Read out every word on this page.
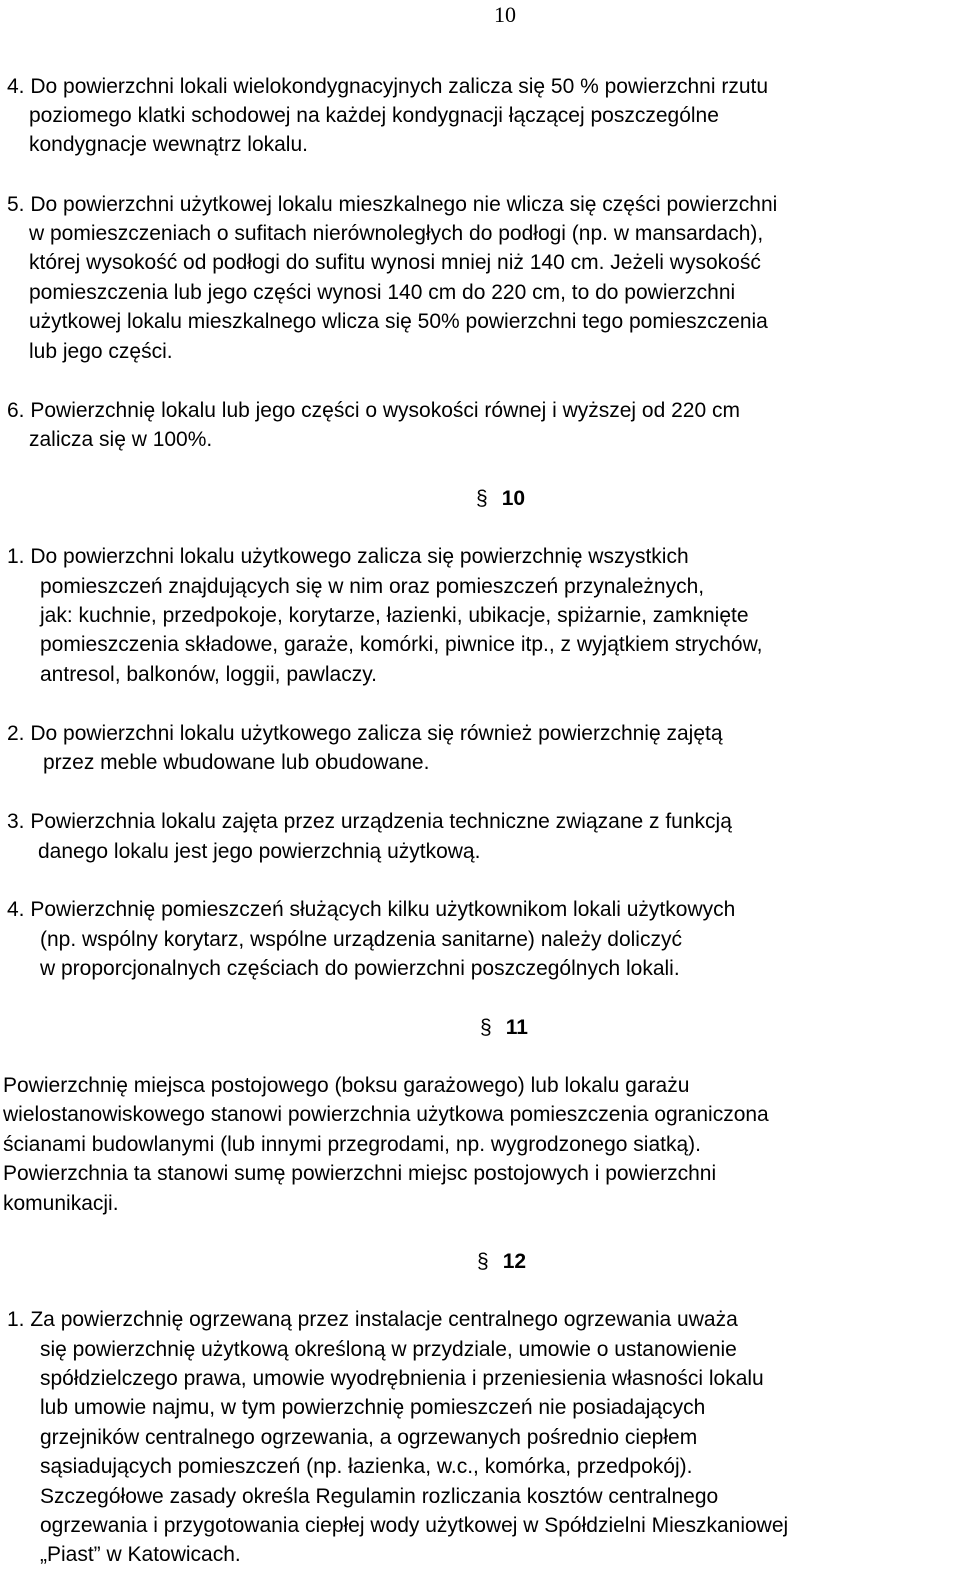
10
4. Do powierzchni lokali wielokondygnacyjnych zalicza się 50 % powierzchni rzutu
poziomego klatki schodowej na każdej kondygnacji łączącej poszczególne
kondygnacje wewnątrz lokalu.
5. Do powierzchni użytkowej lokalu mieszkalnego nie wlicza się części powierzchni
w pomieszczeniach o sufitach nierównoległych do podłogi (np. w mansardach),
której wysokość od podłogi do sufitu wynosi mniej niż 140 cm. Jeżeli wysokość
pomieszczenia lub jego części wynosi 140 cm do 220 cm, to do powierzchni
użytkowej lokalu mieszkalnego wlicza się 50% powierzchni tego pomieszczenia
lub jego części.
6. Powierzchnię lokalu lub jego części o wysokości równej i wyższej od 220 cm
zalicza się w 100%.
§ 10
1. Do powierzchni lokalu użytkowego zalicza się powierzchnię wszystkich
pomieszczeń znajdujących się w nim oraz pomieszczeń przynależnych,
jak: kuchnie, przedpokoje, korytarze, łazienki, ubikacje, spiżarnie, zamknięte
pomieszczenia składowe, garaże, komórki, piwnice itp., z wyjątkiem strychów,
antresol, balkonów, loggii, pawlaczy.
2. Do powierzchni lokalu użytkowego zalicza się również powierzchnię zajętą
przez meble wbudowane lub obudowane.
3. Powierzchnia lokalu zajęta przez urządzenia techniczne związane z funkcją
danego lokalu jest jego powierzchnią użytkową.
4. Powierzchnię pomieszczeń służących kilku użytkownikom lokali użytkowych
(np. wspólny korytarz, wspólne urządzenia sanitarne) należy doliczyć
w proporcjonalnych częściach do powierzchni poszczególnych lokali.
§ 11
Powierzchnię miejsca postojowego (boksu garażowego) lub lokalu garażu
wielostanowiskowego stanowi powierzchnia użytkowa pomieszczenia ograniczona
ścianami budowlanymi (lub innymi przegrodami, np. wygrodzonego siatką).
Powierzchnia ta stanowi sumę powierzchni miejsc postojowych i powierzchni
komunikacji.
§ 12
1. Za powierzchnię ogrzewaną przez instalacje centralnego ogrzewania uważa
się powierzchnię użytkową określoną w przydziale, umowie o ustanowienie
spółdzielczego prawa, umowie wyodrębnienia i przeniesienia własności lokalu
lub umowie najmu, w tym powierzchnię pomieszczeń nie posiadających
grzejników centralnego ogrzewania, a ogrzewanych pośrednio ciepłem
sąsiadujących pomieszczeń (np. łazienka, w.c., komórka, przedpokój).
Szczegółowe zasady określa Regulamin rozliczania kosztów centralnego
ogrzewania i przygotowania ciepłej wody użytkowej w Spółdzielni Mieszkaniowej
„Piast” w Katowicach.
